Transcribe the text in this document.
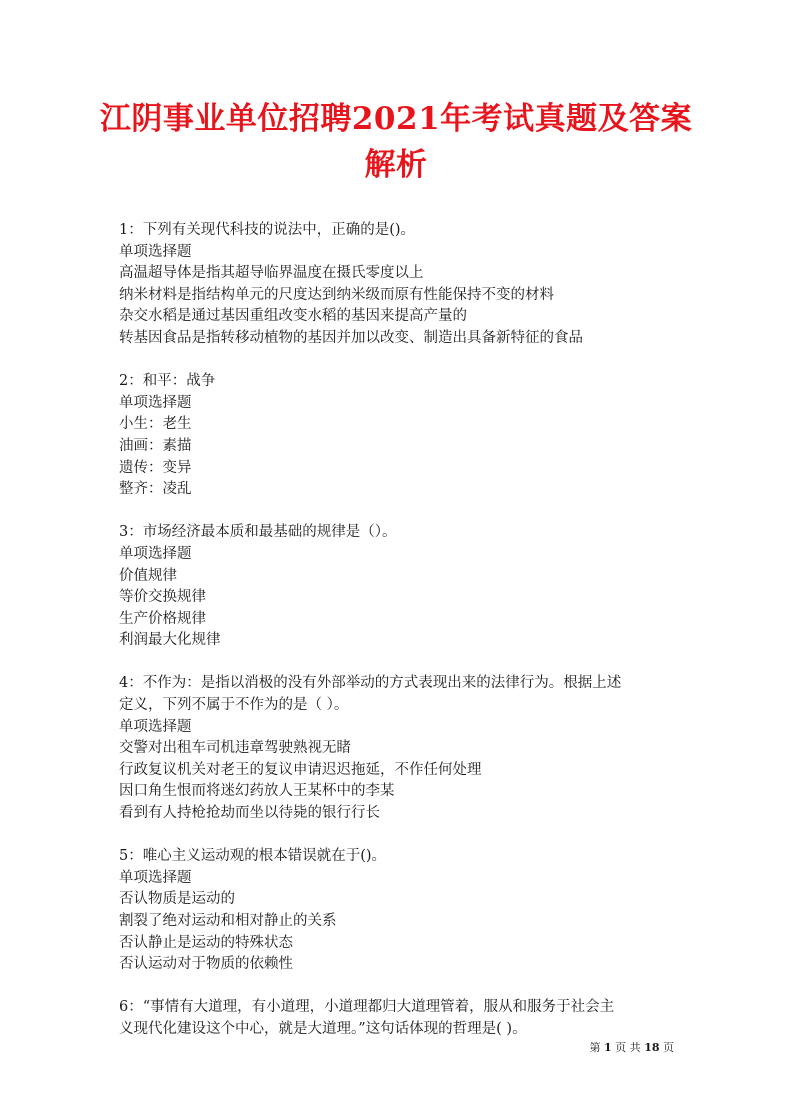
江阴事业单位招聘2021年考试真题及答案
解析
1：下列有关现代科技的说法中，正确的是()。
单项选择题
高温超导体是指其超导临界温度在摄氏零度以上
纳米材料是指结构单元的尺度达到纳米级而原有性能保持不变的材料
杂交水稻是通过基因重组改变水稻的基因来提高产量的
转基因食品是指转移动植物的基因并加以改变、制造出具备新特征的食品
2：和平：战争
单项选择题
小生：老生
油画：素描
遗传：变异
整齐：凌乱
3：市场经济最本质和最基础的规律是（）。
单项选择题
价值规律
等价交换规律
生产价格规律
利润最大化规律
4：不作为：是指以消极的没有外部举动的方式表现出来的法律行为。根据上述
定义，下列不属于不作为的是（ ）。
单项选择题
交警对出租车司机违章驾驶熟视无睹
行政复议机关对老王的复议申请迟迟拖延，不作任何处理
因口角生恨而将迷幻药放人王某杯中的李某
看到有人持枪抢劫而坐以待毙的银行行长
5：唯心主义运动观的根本错误就在于()。
单项选择题
否认物质是运动的
割裂了绝对运动和相对静止的关系
否认静止是运动的特殊状态
否认运动对于物质的依赖性
6：“事情有大道理，有小道理，小道理都归大道理管着，服从和服务于社会主
义现代化建设这个中心，就是大道理。”这句话体现的哲理是( )。
第 1 页 共 18 页
